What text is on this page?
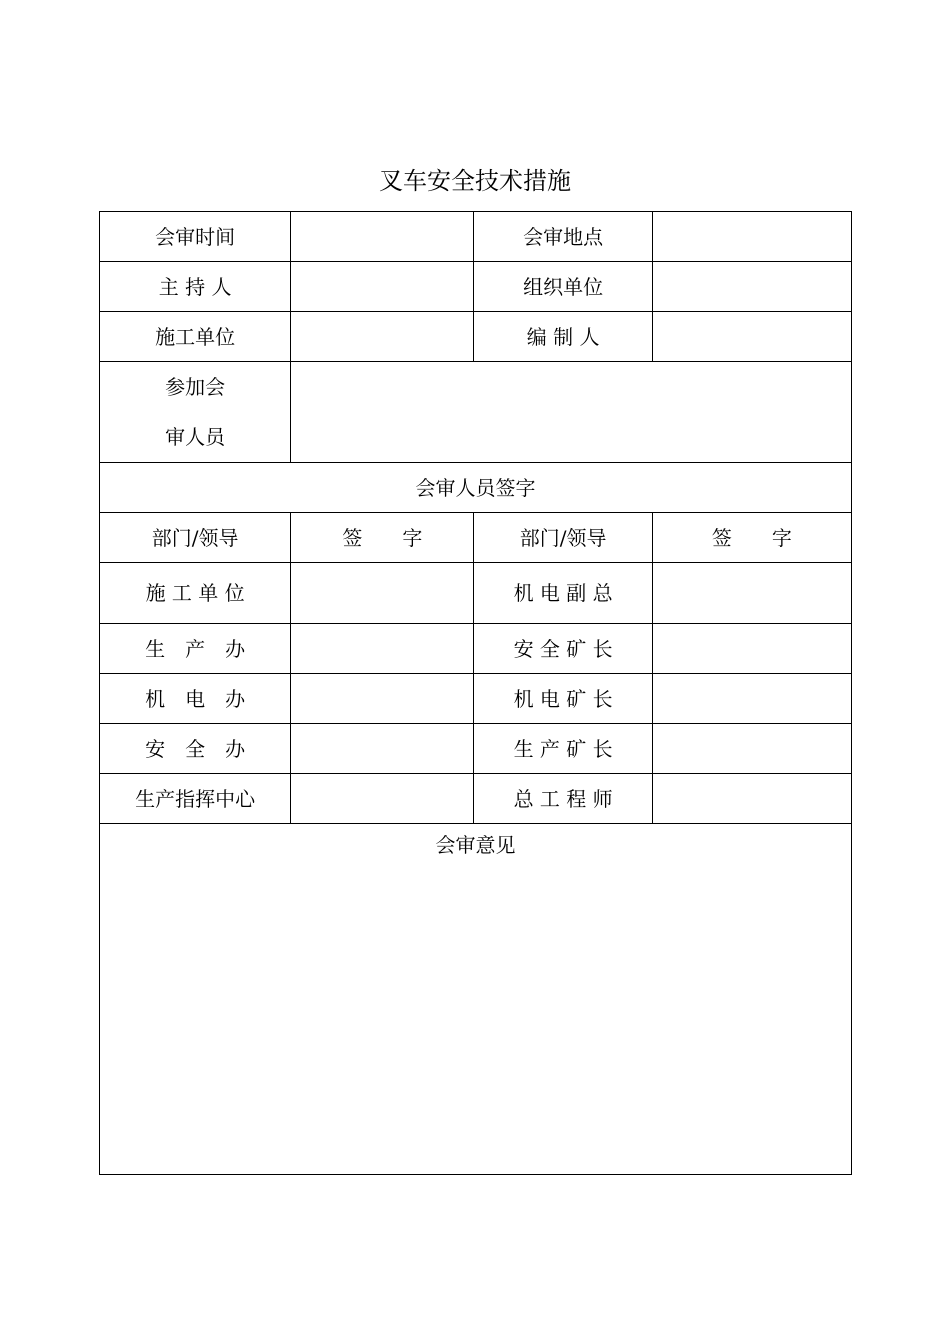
叉车安全技术措施
会审时间		会审地点	
主 持 人		组织单位	
施工单位		编 制 人	

参加会
审人员			

会审人员签字			
部门/领导	签　　字	部门/领导	签　　字
施 工 单 位		机 电 副 总	
生　产　办		安 全 矿 长	
机　电　办		机 电 矿 长	
安　全　办		生 产 矿 长	
生产指挥中心		总 工 程 师	

会审意见			
